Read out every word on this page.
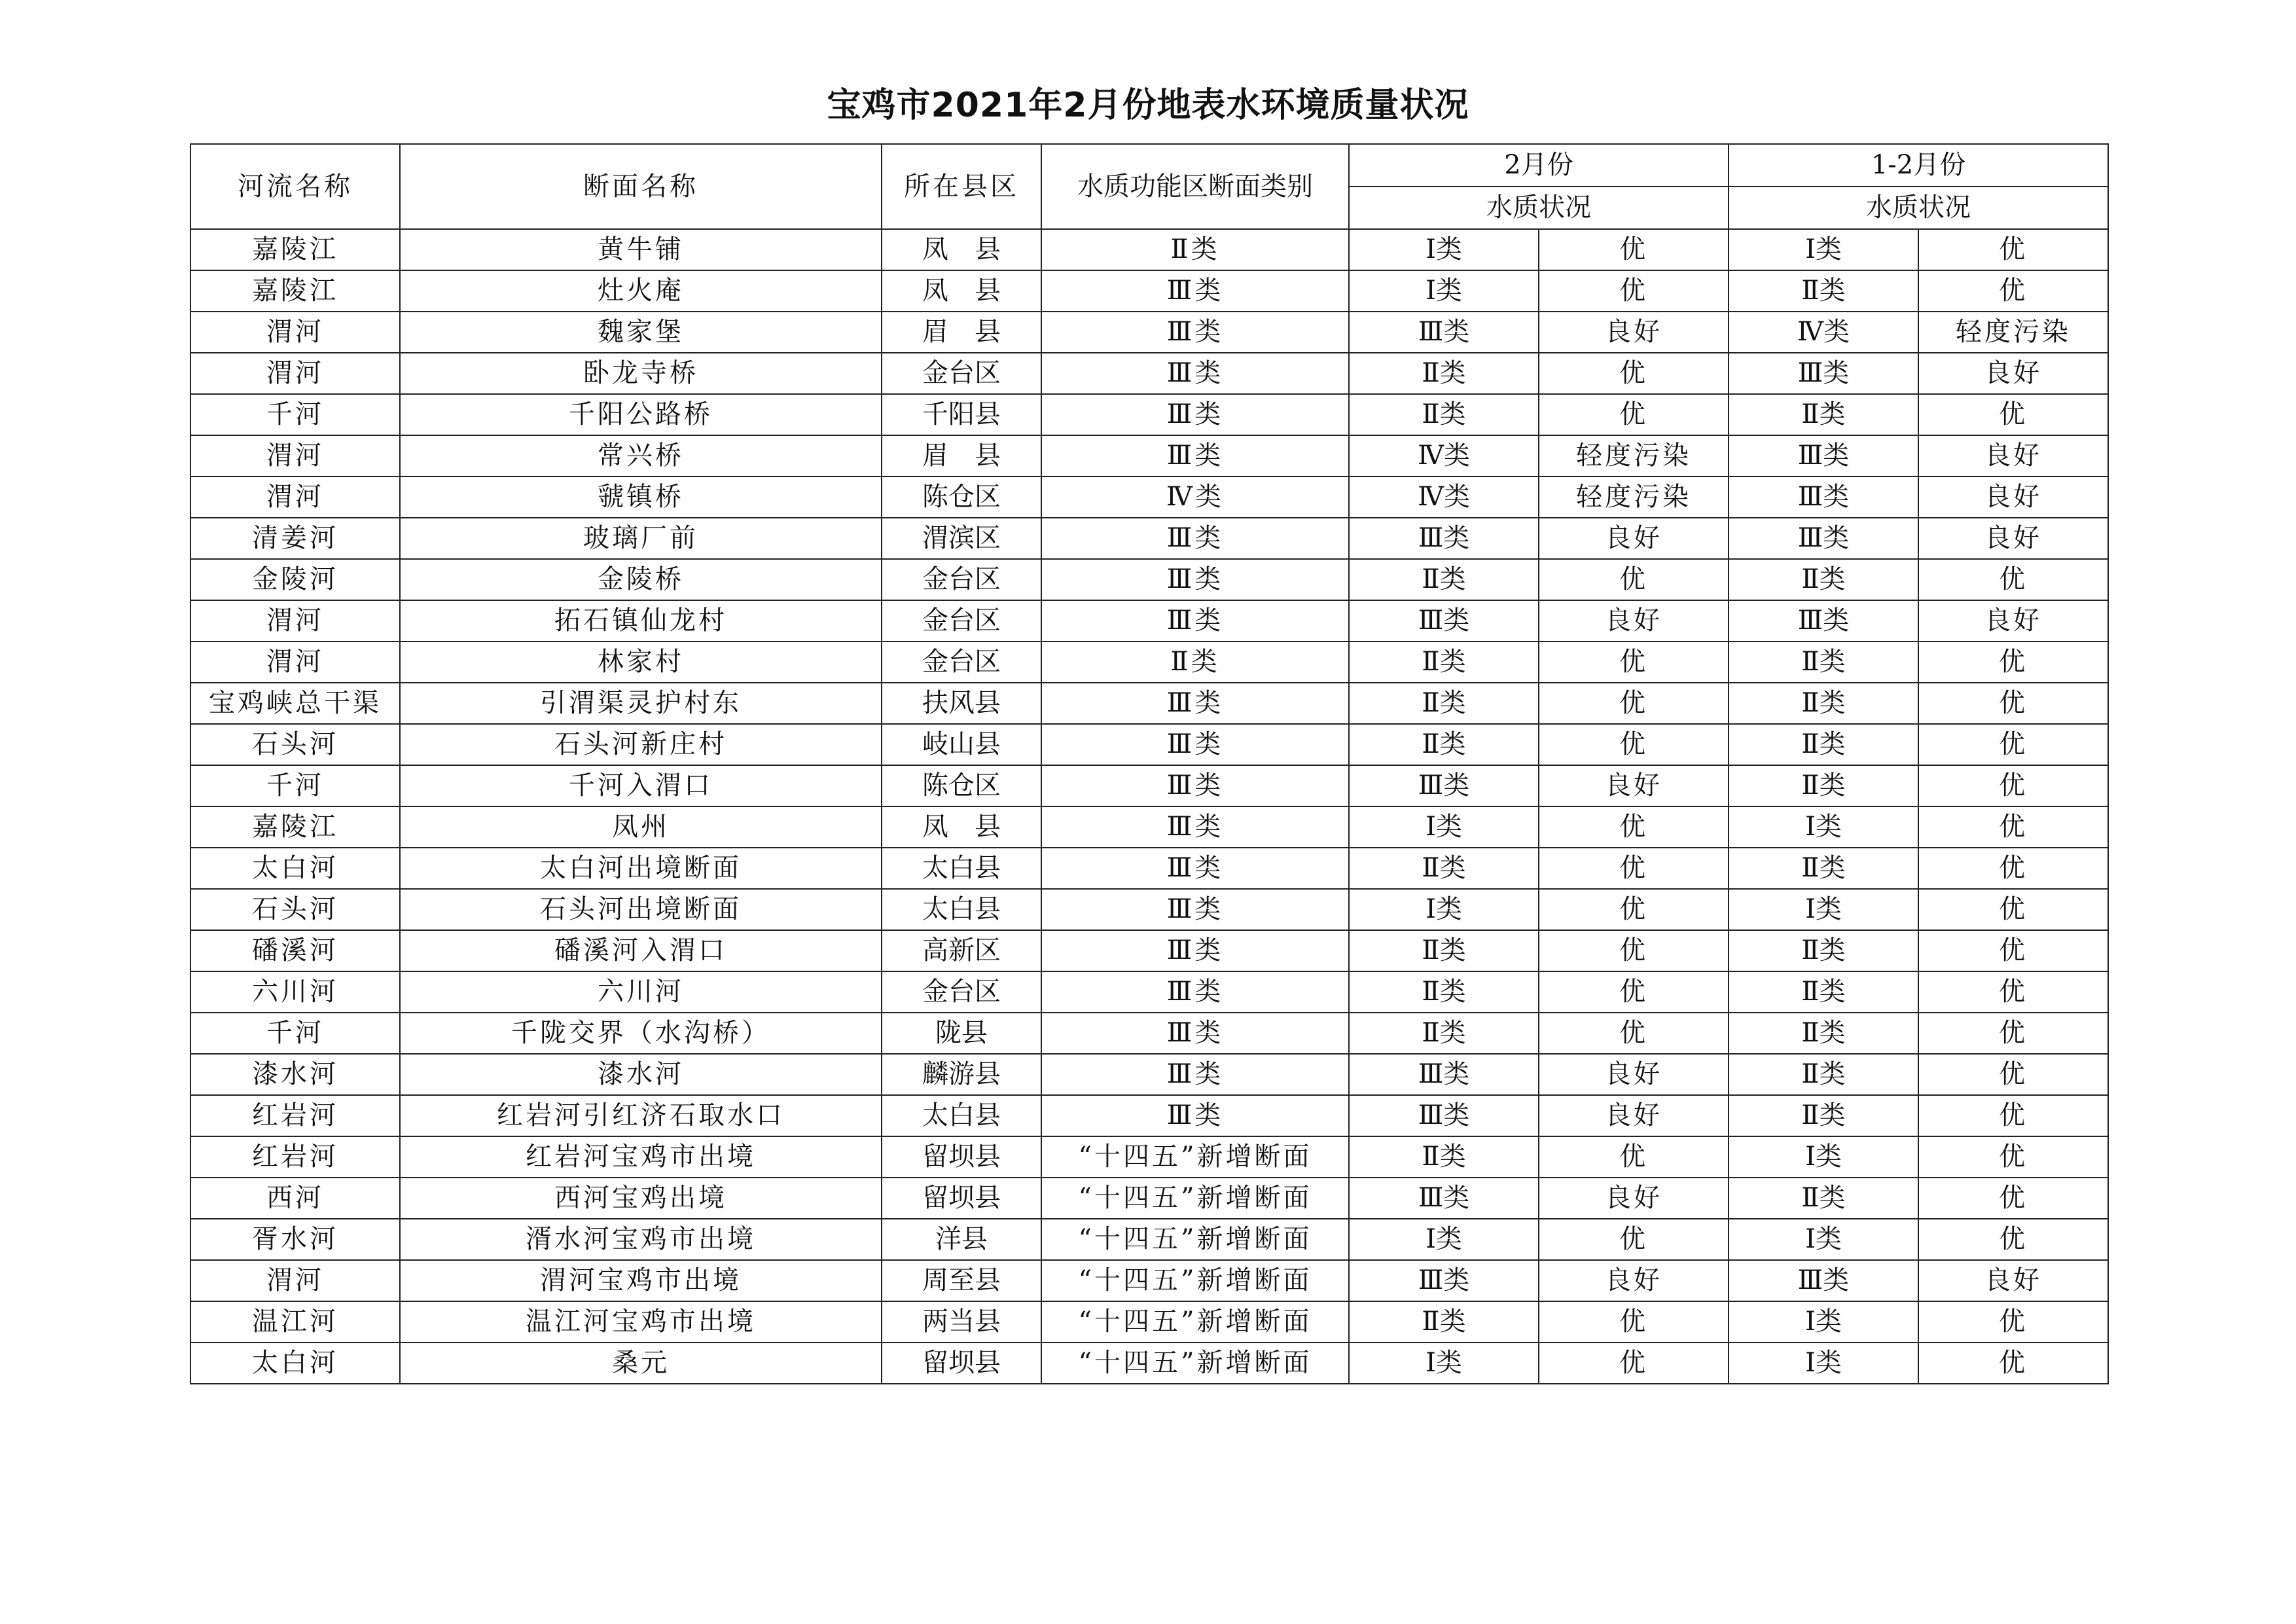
宝鸡市2021年2月份地表水环境质量状况
河流名称	断面名称	所在县区	水质功能区断面类别	2月份		1-2月份	
				水质状况		水质状况	
嘉陵江	黄牛铺	凤　县	Ⅱ类	Ⅰ类	优	Ⅰ类	优
嘉陵江	灶火庵	凤　县	Ⅲ类	Ⅰ类	优	Ⅱ类	优
渭河	魏家堡	眉　县	Ⅲ类	Ⅲ类	良好	Ⅳ类	轻度污染
渭河	卧龙寺桥	金台区	Ⅲ类	Ⅱ类	优	Ⅲ类	良好
千河	千阳公路桥	千阳县	Ⅲ类	Ⅱ类	优	Ⅱ类	优
渭河	常兴桥	眉　县	Ⅲ类	Ⅳ类	轻度污染	Ⅲ类	良好
渭河	虢镇桥	陈仓区	Ⅳ类	Ⅳ类	轻度污染	Ⅲ类	良好
清姜河	玻璃厂前	渭滨区	Ⅲ类	Ⅲ类	良好	Ⅲ类	良好
金陵河	金陵桥	金台区	Ⅲ类	Ⅱ类	优	Ⅱ类	优
渭河	拓石镇仙龙村	金台区	Ⅲ类	Ⅲ类	良好	Ⅲ类	良好
渭河	林家村	金台区	Ⅱ类	Ⅱ类	优	Ⅱ类	优
宝鸡峡总干渠	引渭渠灵护村东	扶风县	Ⅲ类	Ⅱ类	优	Ⅱ类	优
石头河	石头河新庄村	岐山县	Ⅲ类	Ⅱ类	优	Ⅱ类	优
千河	千河入渭口	陈仓区	Ⅲ类	Ⅲ类	良好	Ⅱ类	优
嘉陵江	凤州	凤　县	Ⅲ类	Ⅰ类	优	Ⅰ类	优
太白河	太白河出境断面	太白县	Ⅲ类	Ⅱ类	优	Ⅱ类	优
石头河	石头河出境断面	太白县	Ⅲ类	Ⅰ类	优	Ⅰ类	优
磻溪河	磻溪河入渭口	高新区	Ⅲ类	Ⅱ类	优	Ⅱ类	优
六川河	六川河	金台区	Ⅲ类	Ⅱ类	优	Ⅱ类	优
千河	千陇交界（水沟桥）	陇县	Ⅲ类	Ⅱ类	优	Ⅱ类	优
漆水河	漆水河	麟游县	Ⅲ类	Ⅲ类	良好	Ⅱ类	优
红岩河	红岩河引红济石取水口	太白县	Ⅲ类	Ⅲ类	良好	Ⅱ类	优
红岩河	红岩河宝鸡市出境	留坝县	“十四五”新增断面	Ⅱ类	优	Ⅰ类	优
西河	西河宝鸡出境	留坝县	“十四五”新增断面	Ⅲ类	良好	Ⅱ类	优
胥水河	湑水河宝鸡市出境	洋县	“十四五”新增断面	Ⅰ类	优	Ⅰ类	优
渭河	渭河宝鸡市出境	周至县	“十四五”新增断面	Ⅲ类	良好	Ⅲ类	良好
温江河	温江河宝鸡市出境	两当县	“十四五”新增断面	Ⅱ类	优	Ⅰ类	优
太白河	桑元	留坝县	“十四五”新增断面	Ⅰ类	优	Ⅰ类	优
